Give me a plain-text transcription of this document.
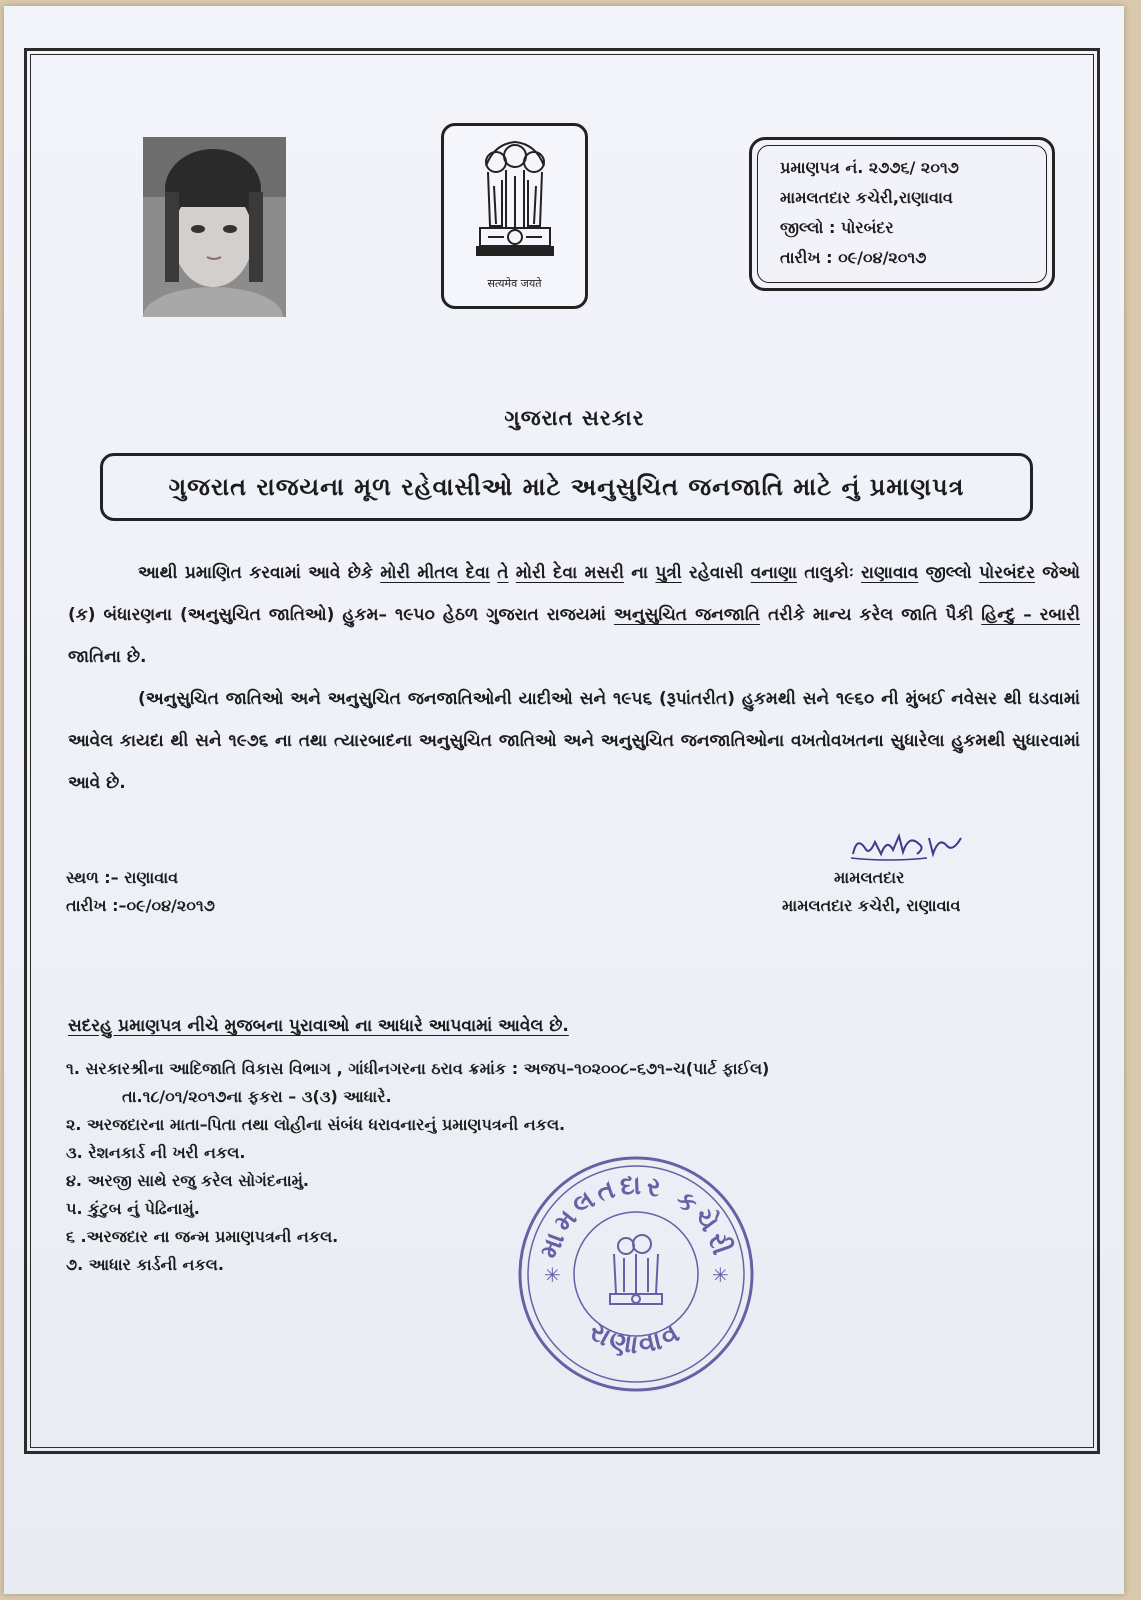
सत्यमेव जयते
પ્રમાણપત્ર નં. ૨૭૭૬/ ૨૦૧૭
મામલતદાર કચેરી,રાણાવાવ
જીલ્લો : પોરબંદર
તારીખ : ૦૯/૦૪/૨૦૧૭
ગુજરાત સરકાર
ગુજરાત રાજયના મૂળ રહેવાસીઓ માટે અનુસુચિત જનજાતિ માટે નું પ્રમાણપત્ર
આથી પ્રમાણિત કરવામાં આવે છેકે મોરી મીતલ દેવા તે મોરી દેવા મસરી ના પુત્રી રહેવાસી વનાણા તાલુકોઃ રાણાવાવ જીલ્લો પોરબંદર જેઓ (ક) બંધારણના (અનુસુચિત જાતિઓ) હુકમ– ૧૯૫૦ હેઠળ ગુજરાત રાજયમાં અનુસુચિત જનજાતિ તરીકે માન્ય કરેલ જાતિ પૈકી હિન્દુ – રબારી જાતિના છે.
(અનુસુચિત જાતિઓ અને અનુસુચિત જનજાતિઓની યાદીઓ સને ૧૯૫૬ (રૂપાંતરીત) હુકમથી સને ૧૯૬૦ ની મુંબઈ નવેસર થી ઘડવામાં આવેલ કાયદા થી સને ૧૯૭૬ ના તથા ત્યારબાદના અનુસુચિત જાતિઓ અને અનુસુચિત જનજાતિઓના વખતોવખતના સુધારેલા હુકમથી સુધારવામાં આવે છે.
સ્થળ :– રાણાવાવ
તારીખ :–૦૯/૦૪/૨૦૧૭
મામલતદાર
મામલતદાર કચેરી, રાણાવાવ
સદરહુ પ્રમાણપત્ર નીચે મુજબના પુરાવાઓ ના આધારે આપવામાં આવેલ છે.
૧. સરકારશ્રીના આદિજાતિ વિકાસ વિભાગ , ગાંધીનગરના ઠરાવ ક્રમાંક : અજપ–૧૦૨૦૦૮–૬૭૧–ચ(પાર્ટ ફાઈલ)
તા.૧૮/૦૧/૨૦૧૭ના ફકરા – ૩(૩) આધારે.
૨. અરજદારના માતા–પિતા તથા લોહીના સંબંધ ધરાવનારનું પ્રમાણપત્રની નકલ.
૩. રેશનકાર્ડ ની ખરી નકલ.
૪. અરજી સાથે રજુ કરેલ સોગંદનામું.
૫. કુંટુબ નું પેઢિનામું.
૬ .અરજદાર ના જન્મ પ્રમાણપત્રની નકલ.
૭. આધાર કાર્ડની નકલ.
મામલતદાર કચેરી
રાણાવાવ
✳	✳
